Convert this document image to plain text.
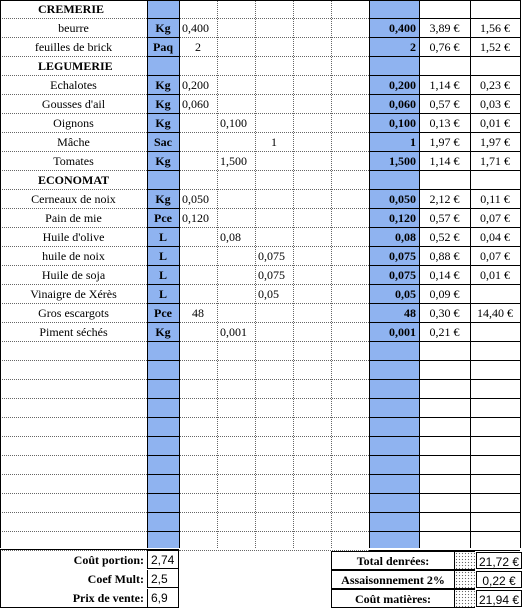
CREMERIE
beurre	Kg 0,400	0,400	3,89 €	1,56 €
feuilles de brick	Paq	2	2	0,76 €	1,52 €
LEGUMERIE
Echalotes	Kg 0,200	0,200	1,14 €	0,23 €
Gousses d'ail	Kg 0,060	0,060	0,57 €	0,03 €
Oignons	Kg	0,100	0,100	0,13 €	0,01 €
Mâche	Sac	1	1	1,97 €	1,97 €
Tomates	Kg	1,500	1,500	1,14 €	1,71 €
ECONOMAT
Cerneaux de noix	Kg 0,050	0,050	2,12 €	0,11 €
Pain de mie	Pce 0,120	0,120	0,57 €	0,07 €
Huile d'olive	L	0,08	0,08	0,52 €	0,04 €
huile de noix	L	0,075	0,075	0,88 €	0,07 €
Huile de soja	L	0,075	0,075	0,14 €	0,01 €
Vinaigre de Xérès	L	0,05	0,05	0,09 €
Gros escargots	Pce	48	48	0,30 €	14,40 €
Piment séchés	Kg	0,001	0,001	0,21 €
Coût portion: 2,74
Coef Mult: 2,5
Prix de vente: 6,9
Total denrées:	21,72 €
Assaisonnement 2%	0,22 €
Coût matières:	21,94 €
